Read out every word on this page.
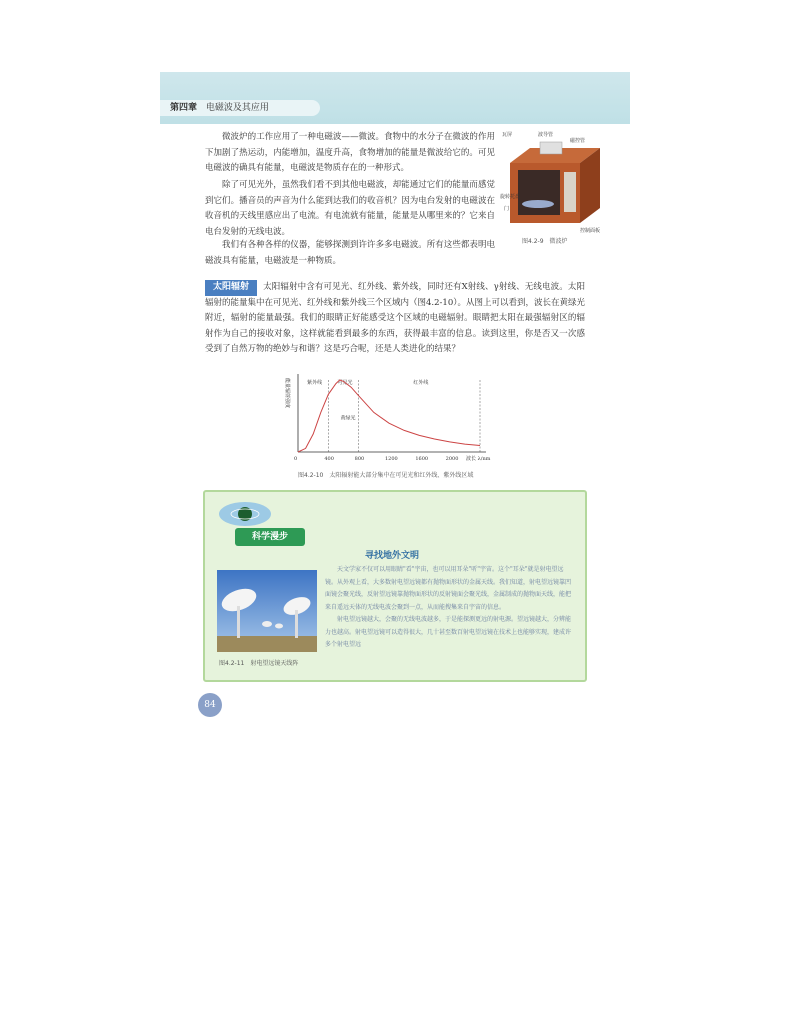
第四章 电磁波及其应用
微波炉的工作应用了一种电磁波——微波。食物中的水分子在微波的作用下加剧了热运动，内能增加，温度升高，食物增加的能量是微波给它的。可见电磁波的确具有能量，电磁波是物质存在的一种形式。
除了可见光外，虽然我们看不到其他电磁波，却能通过它们的能量而感觉到它们。播音员的声音为什么能到达我们的收音机？因为电台发射的电磁波在收音机的天线里感应出了电流。有电流就有能量，能量是从哪里来的？它来自电台发射的无线电波。
我们有各种各样的仪器，能够探测到许许多多电磁波。所有这些都表明电磁波具有能量，电磁波是一种物质。
瓦屏	波导管
磁控管
旋转托盘
门
控制面板
图4.2-9　微波炉
太阳辐射 太阳辐射中含有可见光、红外线、紫外线，同时还有X射线、γ射线、无线电波。太阳辐射的能量集中在可见光、红外线和紫外线三个区域内（图4.2-10）。从图上可以看到，波长在黄绿光附近，辐射的能量最强。我们的眼睛正好能感受这个区域的电磁辐射。眼睛把太阳在最强辐射区的辐射作为自己的接收对象，这样就能看到最多的东西，获得最丰富的信息。读到这里，你是否又一次感受到了自然万物的绝妙与和谐？这是巧合呢，还是人类进化的结果？
紫外线	可见光	红外线
0	400	800	1200	1600	2000
能量辐射强度
波长 λ/nm
黄绿光
图4.2-10　太阳辐射能大部分集中在可见光和红外线、紫外线区域
科学漫步
寻找地外文明
天文学家不仅可以用眼睛"看"宇宙，也可以用耳朵"听"宇宙。这个"耳朵"就是射电望远镜。从外观上看，大多数射电望远镜都有抛物面形状的金属天线。我们知道，射电望远镜靠凹面镜会聚光线，反射望远镜靠抛物面形状的反射镜面会聚光线，金属制成的抛物面天线，能把来自遥远天体的无线电波会聚到一点，从而能搜集来自宇宙的信息。
射电望远镜越大，会聚的无线电波越多，于是能探测更远的射电源。望远镜越大，分辨能力也越高。射电望远镜可以造得很大，几十甚至数百射电望远镜在技术上也能够实现，建成许多个射电望远
图4.2-11　射电望远镜天线阵
84
